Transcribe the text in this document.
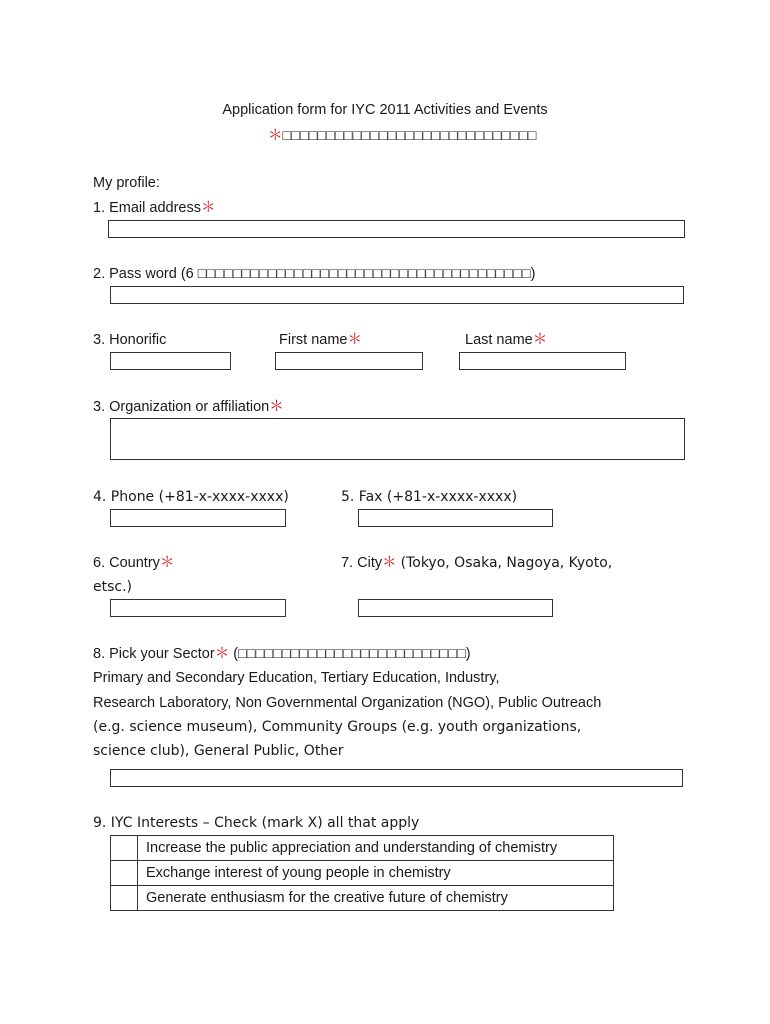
Application form for IYC 2011 Activities and Events
＊□□□□□□□□□□□□□□□□□□□□□□□□□□□□□
My profile:
1. Email address＊
2. Pass word (6 □□□□□□□□□□□□□□□□□□□□□□□□□□□□□□□□□□□□□□)
3. Honorific	First name＊	Last name＊
3. Organization or affiliation＊
4. Phone (+81-x-xxxx-xxxx)	5. Fax (+81-x-xxxx-xxxx)
6. Country＊	7. City＊ (Tokyo, Osaka, Nagoya, Kyoto,
etsc.)
8. Pick your Sector＊ (□□□□□□□□□□□□□□□□□□□□□□□□□□)
Primary and Secondary Education, Tertiary Education, Industry,
Research Laboratory, Non Governmental Organization (NGO), Public Outreach
(e.g. science museum), Community Groups (e.g. youth organizations,
science club), General Public, Other
9. IYC Interests – Check (mark X) all that apply
	Increase the public appreciation and understanding of chemistry
	Exchange interest of young people in chemistry
	Generate enthusiasm for the creative future of chemistry
